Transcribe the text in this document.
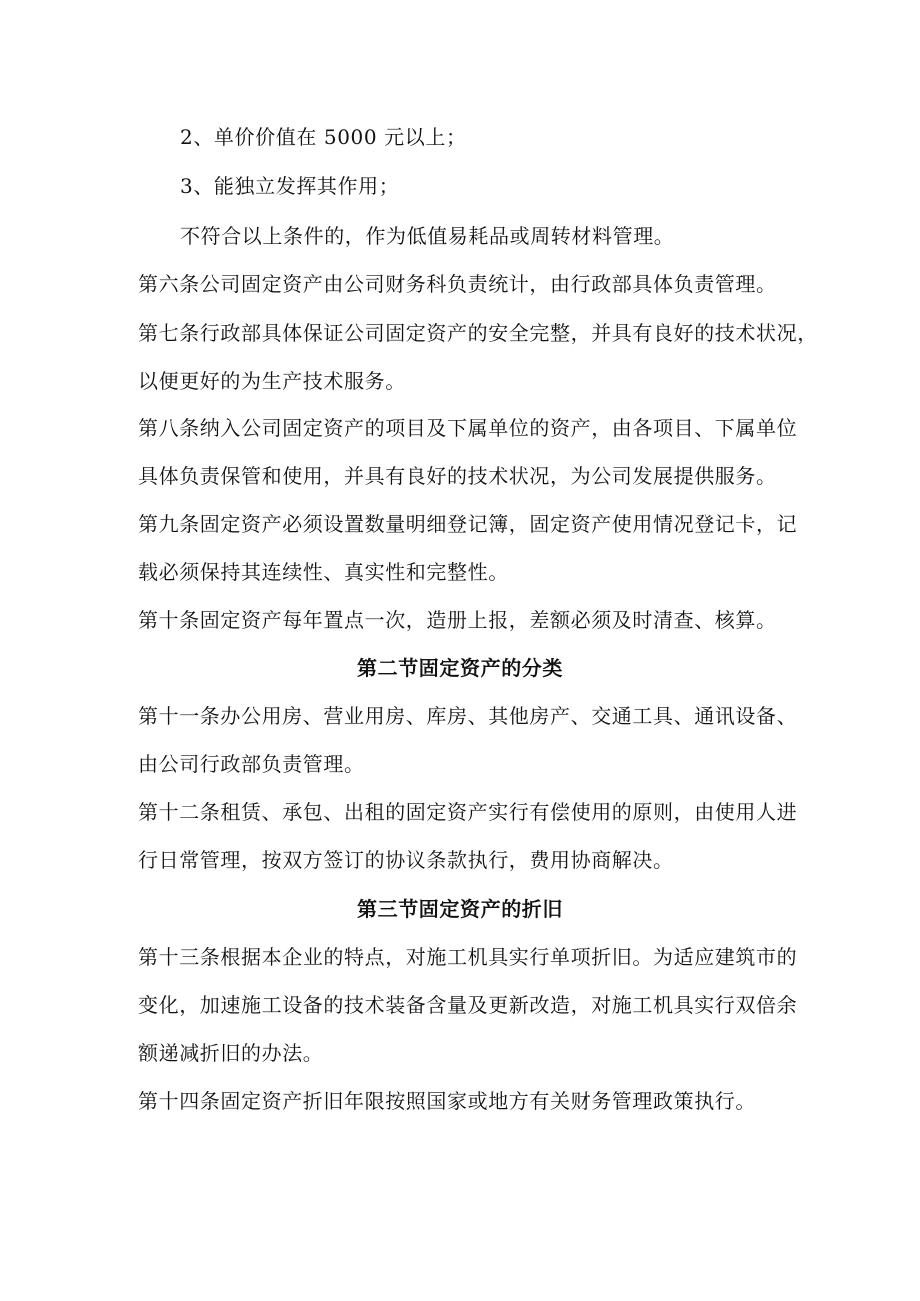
2、单价价值在 5000 元以上；
3、能独立发挥其作用；
不符合以上条件的，作为低值易耗品或周转材料管理。
第六条公司固定资产由公司财务科负责统计，由行政部具体负责管理。
第七条行政部具体保证公司固定资产的安全完整，并具有良好的技术状况，
以便更好的为生产技术服务。
第八条纳入公司固定资产的项目及下属单位的资产，由各项目、下属单位
具体负责保管和使用，并具有良好的技术状况，为公司发展提供服务。
第九条固定资产必须设置数量明细登记簿，固定资产使用情况登记卡，记
载必须保持其连续性、真实性和完整性。
第十条固定资产每年置点一次，造册上报，差额必须及时清查、核算。
第二节固定资产的分类
第十一条办公用房、营业用房、库房、其他房产、交通工具、通讯设备、
由公司行政部负责管理。
第十二条租赁、承包、出租的固定资产实行有偿使用的原则，由使用人进
行日常管理，按双方签订的协议条款执行，费用协商解决。
第三节固定资产的折旧
第十三条根据本企业的特点，对施工机具实行单项折旧。为适应建筑市的
变化，加速施工设备的技术装备含量及更新改造，对施工机具实行双倍余
额递减折旧的办法。
第十四条固定资产折旧年限按照国家或地方有关财务管理政策执行。
